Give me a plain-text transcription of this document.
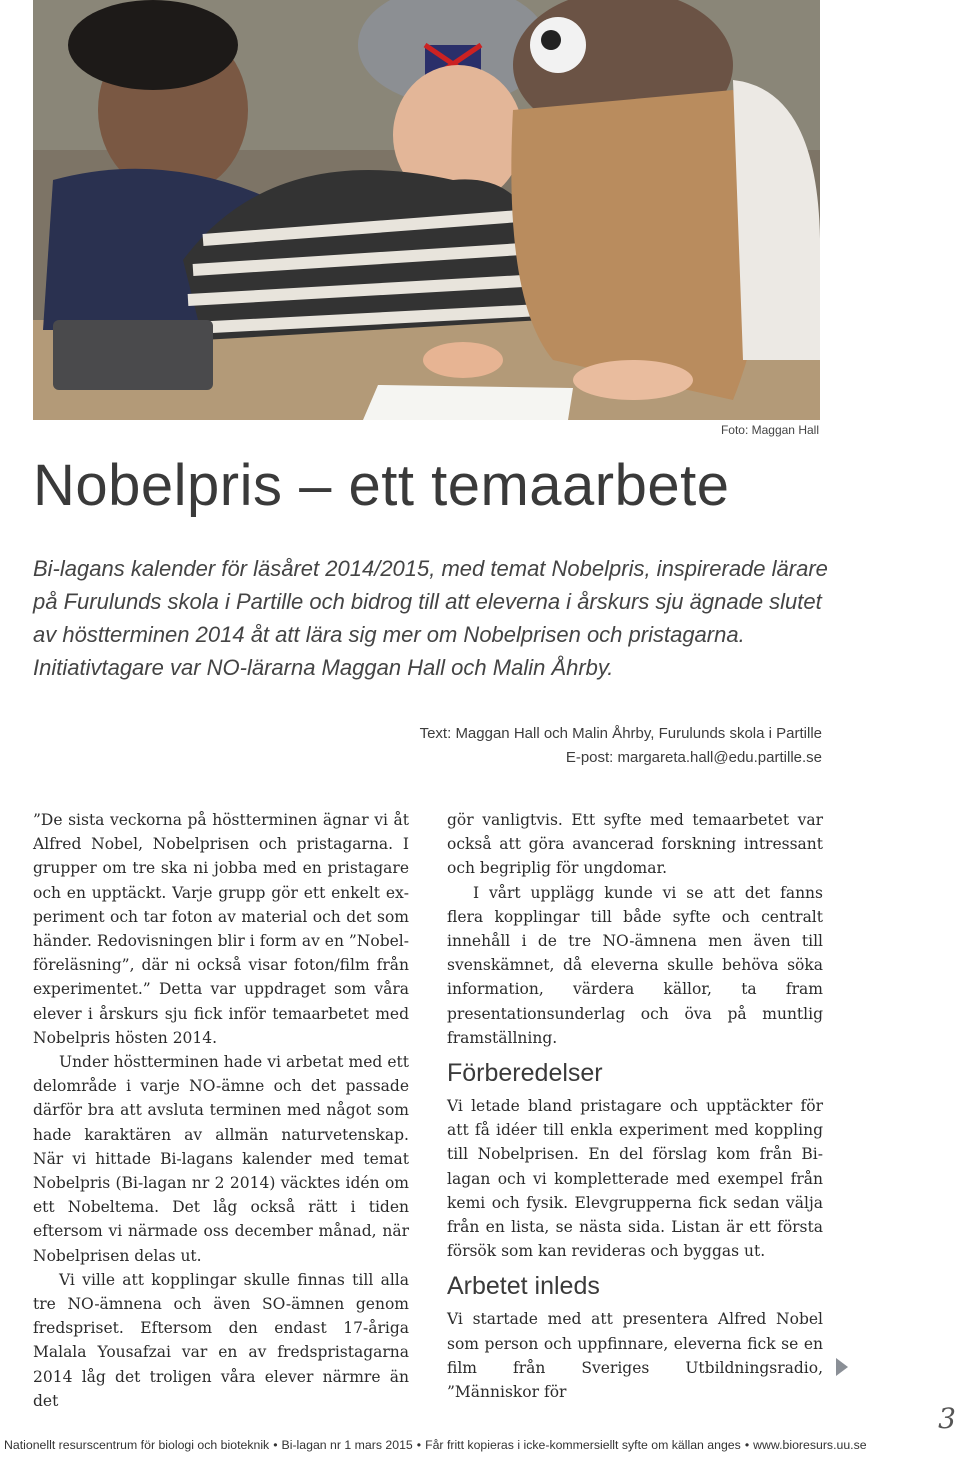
Foto: Maggan Hall
Nobelpris – ett temaarbete

Bi-lagans kalender för läsåret 2014/2015, med temat Nobelpris, inspirerade lärare på Furulunds skola i Partille och bidrog till att eleverna i årskurs sju ägnade slutet av höstterminen 2014 åt att lära sig mer om Nobelprisen och pristagarna. Initiativtagare var NO-lärarna Maggan Hall och Malin Åhrby.

Text: Maggan Hall och Malin Åhrby, Furulunds skola i Partille
E-post: margareta.hall@edu.partille.se

”De sista veckorna på höstterminen ägnar vi åt Alfred Nobel, Nobelprisen och pristagarna. I grupper om tre ska ni jobba med en pristagare och en upptäckt. Varje grupp gör ett enkelt experiment och tar foton av material och det som händer. Redovisningen blir i form av en ”Nobelföreläsning”, där ni också visar foton/film från experimentet.” Detta var uppdraget som våra elever i årskurs sju fick inför temaarbetet med Nobelpris hösten 2014.

Under höstterminen hade vi arbetat med ett delområde i varje NO-ämne och det passade därför bra att avsluta terminen med något som hade karaktären av allmän naturvetenskap. När vi hittade Bi-lagans kalender med temat Nobelpris (Bi-lagan nr 2 2014) väcktes idén om ett Nobeltema. Det låg också rätt i tiden eftersom vi närmade oss december månad, när Nobelprisen delas ut.

Vi ville att kopplingar skulle finnas till alla tre NO-ämnena och även SO-ämnen genom fredspriset. Eftersom den endast 17-åriga Malala Yousafzai var en av fredspristagarna 2014 låg det troligen våra elever närmre än det

gör vanligtvis. Ett syfte med temaarbetet var också att göra avancerad forskning intressant och begriplig för ungdomar.

I vårt upplägg kunde vi se att det fanns flera kopplingar till både syfte och centralt innehåll i de tre NO-ämnena men även till svenskämnet, då eleverna skulle behöva söka information, värdera källor, ta fram presentationsunderlag och öva på muntlig framställning.

Förberedelser

Vi letade bland pristagare och upptäckter för att få idéer till enkla experiment med koppling till Nobelprisen. En del förslag kom från Bilagan och vi kompletterade med exempel från kemi och fysik. Elevgrupperna fick sedan välja från en lista, se nästa sida. Listan är ett första försök som kan revideras och byggas ut.

Arbetet inleds

Vi startade med att presentera Alfred Nobel som person och uppfinnare, eleverna fick se en film från Sveriges Utbildningsradio, ”Människor för

3
Nationellt resurscentrum för biologi och bioteknik • Bi-lagan nr 1 mars 2015 • Får fritt kopieras i icke-kommersiellt syfte om källan anges • www.bioresurs.uu.se
